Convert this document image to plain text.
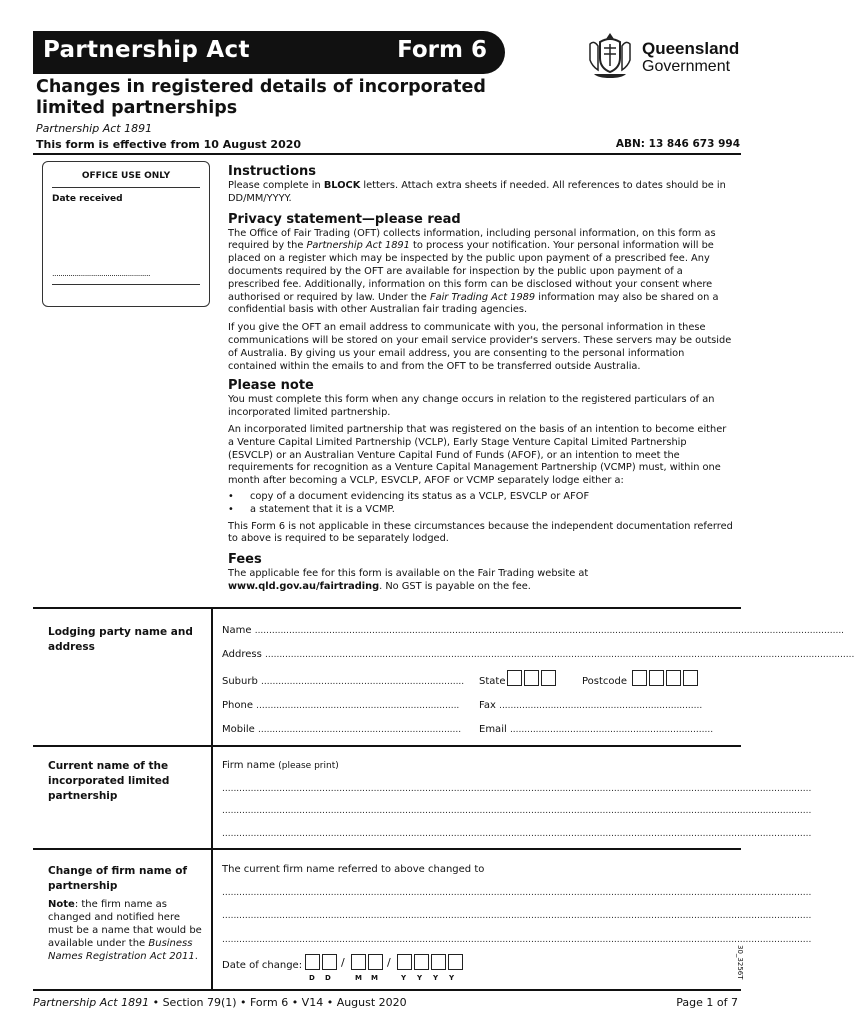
Partnership Act	Form 6	Queensland
Government
Changes in registered details of incorporated
limited partnerships
Partnership Act 1891
This form is effective from 10 August 2020	ABN: 13 846 673 994
OFFICE USE ONLY
Date received
................................................

Instructions

Please complete in BLOCK letters. Attach extra sheets if needed. All references to dates should be in DD/MM/YYYY.

Privacy statement—please read

The Office of Fair Trading (OFT) collects information, including personal information, on this form as required by the Partnership Act 1891 to process your notification. Your personal information will be placed on a register which may be inspected by the public upon payment of a prescribed fee. Any documents required by the OFT are available for inspection by the public upon payment of a prescribed fee. Additionally, information on this form can be disclosed without your consent where authorised or required by law. Under the Fair Trading Act 1989 information may also be shared on a confidential basis with other Australian fair trading agencies.

If you give the OFT an email address to communicate with you, the personal information in these communications will be stored on your email service provider's servers. These servers may be outside of Australia. By giving us your email address, you are consenting to the personal information contained within the emails to and from the OFT to be transferred outside Australia.

Please note

You must complete this form when any change occurs in relation to the registered particulars of an incorporated limited partnership.

An incorporated limited partnership that was registered on the basis of an intention to become either a Venture Capital Limited Partnership (VCLP), Early Stage Venture Capital Limited Partnership (ESVCLP) or an Australian Venture Capital Fund of Funds (AFOF), or an intention to meet the requirements for recognition as a Venture Capital Management Partnership (VCMP) must, within one month after becoming a VCLP, ESVCLP, AFOF or VCMP separately lodge either a:

•	copy of a document evidencing its status as a VCLP, ESVCLP or AFOF
•	a statement that it is a VCMP.

This Form 6 is not applicable in these circumstances because the independent documentation referred to above is required to be separately lodged.

Fees

The applicable fee for this form is available on the Fair Trading website at
www.qld.gov.au/fairtrading. No GST is payable on the fee.

Lodging party name and address
Name ..............................................................................................................................................................................................................
Address ..............................................................................................................................................................................................................
Suburb ....................................................................... State	Postcode
Phone ....................................................................... Fax .......................................................................
Mobile ....................................................................... Email .......................................................................
Current name of the incorporated limited partnership
Firm name (please print)
..............................................................................................................................................................................................................
..............................................................................................................................................................................................................
..............................................................................................................................................................................................................
Change of firm name of partnership
Note: the firm name as changed and notified here must be a name that would be available under the Business Names Registration Act 2011.
The current firm name referred to above changed to
..............................................................................................................................................................................................................
..............................................................................................................................................................................................................
..............................................................................................................................................................................................................
Date of change:	/	/
D D	M M	Y Y Y Y	30_3256T
Partnership Act 1891 • Section 79(1) • Form 6 • V14 • August 2020	Page 1 of 7
